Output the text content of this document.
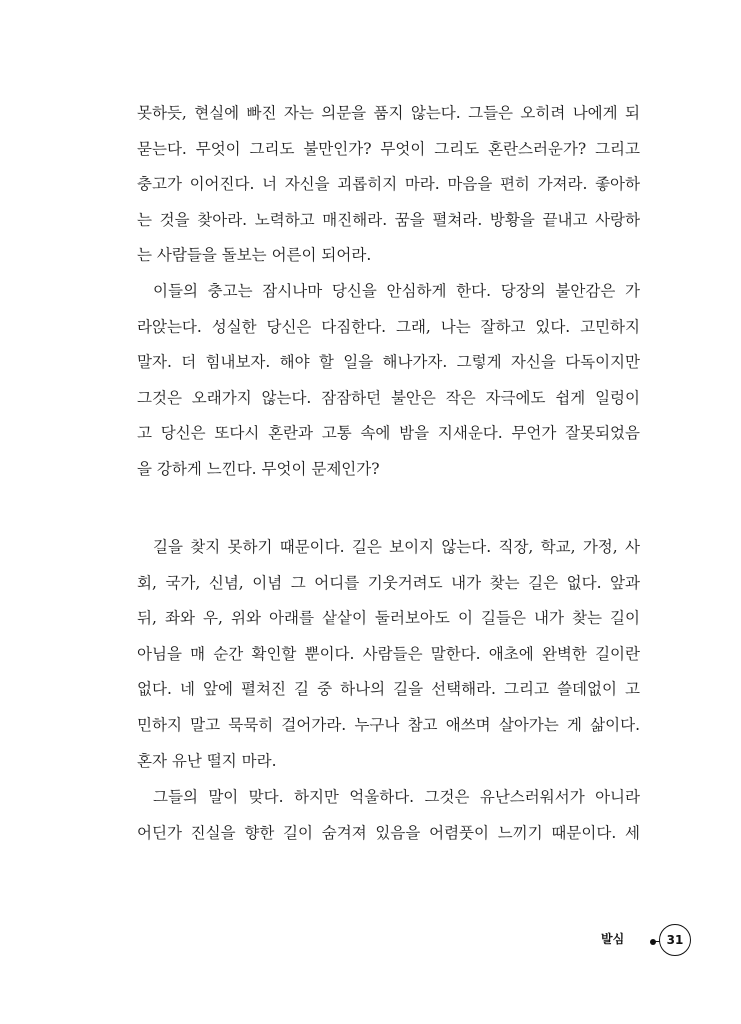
못하듯, 현실에 빠진 자는 의문을 품지 않는다. 그들은 오히려 나에게 되
묻는다. 무엇이 그리도 불만인가? 무엇이 그리도 혼란스러운가? 그리고
충고가 이어진다. 너 자신을 괴롭히지 마라. 마음을 편히 가져라. 좋아하
는 것을 찾아라. 노력하고 매진해라. 꿈을 펼쳐라. 방황을 끝내고 사랑하
는 사람들을 돌보는 어른이 되어라.
이들의 충고는 잠시나마 당신을 안심하게 한다. 당장의 불안감은 가
라앉는다. 성실한 당신은 다짐한다. 그래, 나는 잘하고 있다. 고민하지
말자. 더 힘내보자. 해야 할 일을 해나가자. 그렇게 자신을 다독이지만
그것은 오래가지 않는다. 잠잠하던 불안은 작은 자극에도 쉽게 일렁이
고 당신은 또다시 혼란과 고통 속에 밤을 지새운다. 무언가 잘못되었음
을 강하게 느낀다. 무엇이 문제인가?
길을 찾지 못하기 때문이다. 길은 보이지 않는다. 직장, 학교, 가정, 사
회, 국가, 신념, 이념 그 어디를 기웃거려도 내가 찾는 길은 없다. 앞과
뒤, 좌와 우, 위와 아래를 샅샅이 둘러보아도 이 길들은 내가 찾는 길이
아님을 매 순간 확인할 뿐이다. 사람들은 말한다. 애초에 완벽한 길이란
없다. 네 앞에 펼쳐진 길 중 하나의 길을 선택해라. 그리고 쓸데없이 고
민하지 말고 묵묵히 걸어가라. 누구나 참고 애쓰며 살아가는 게 삶이다.
혼자 유난 떨지 마라.
그들의 말이 맞다. 하지만 억울하다. 그것은 유난스러워서가 아니라
어딘가 진실을 향한 길이 숨겨져 있음을 어렴풋이 느끼기 때문이다. 세
발심	31
